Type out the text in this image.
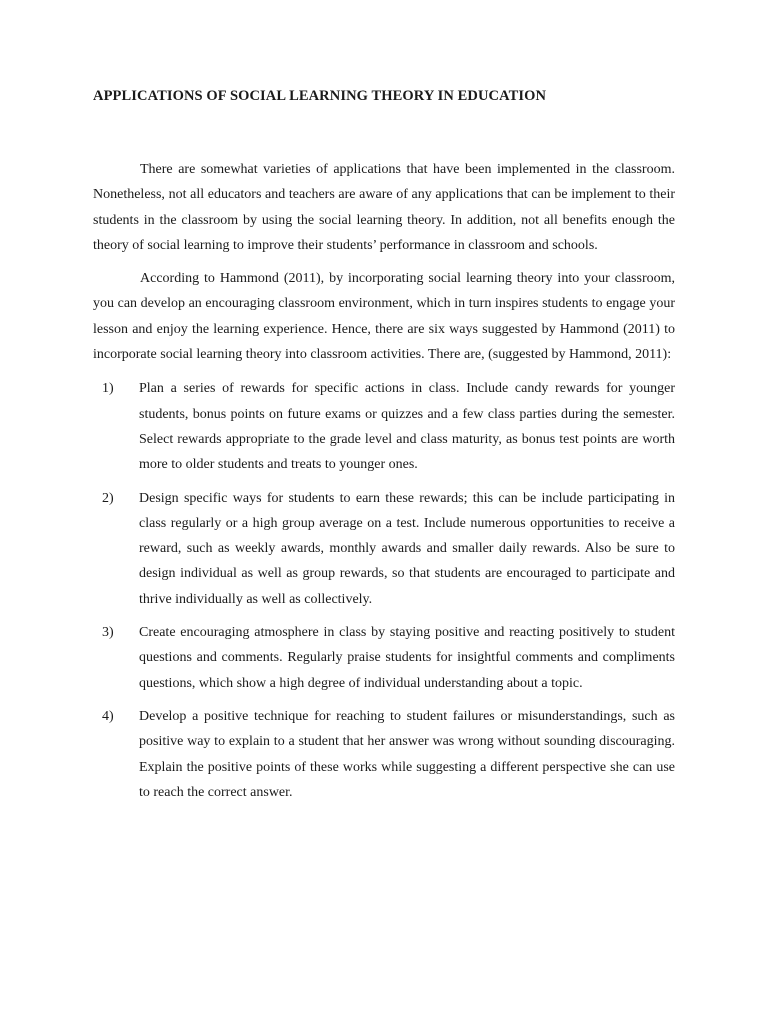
APPLICATIONS OF SOCIAL LEARNING THEORY IN EDUCATION

There are somewhat varieties of applications that have been implemented in the classroom. Nonetheless, not all educators and teachers are aware of any applications that can be implement to their students in the classroom by using the social learning theory. In addition, not all benefits enough the theory of social learning to improve their students’ performance in classroom and schools.

According to Hammond (2011), by incorporating social learning theory into your classroom, you can develop an encouraging classroom environment, which in turn inspires students to engage your lesson and enjoy the learning experience. Hence, there are six ways suggested by Hammond (2011) to incorporate social learning theory into classroom activities. There are, (suggested by Hammond, 2011):

1) Plan a series of rewards for specific actions in class. Include candy rewards for younger students, bonus points on future exams or quizzes and a few class parties during the semester. Select rewards appropriate to the grade level and class maturity, as bonus test points are worth more to older students and treats to younger ones.
2) Design specific ways for students to earn these rewards; this can be include participating in class regularly or a high group average on a test. Include numerous opportunities to receive a reward, such as weekly awards, monthly awards and smaller daily rewards. Also be sure to design individual as well as group rewards, so that students are encouraged to participate and thrive individually as well as collectively.
3) Create encouraging atmosphere in class by staying positive and reacting positively to student questions and comments. Regularly praise students for insightful comments and compliments questions, which show a high degree of individual understanding about a topic.
4) Develop a positive technique for reaching to student failures or misunderstandings, such as positive way to explain to a student that her answer was wrong without sounding discouraging. Explain the positive points of these works while suggesting a different perspective she can use to reach the correct answer.
